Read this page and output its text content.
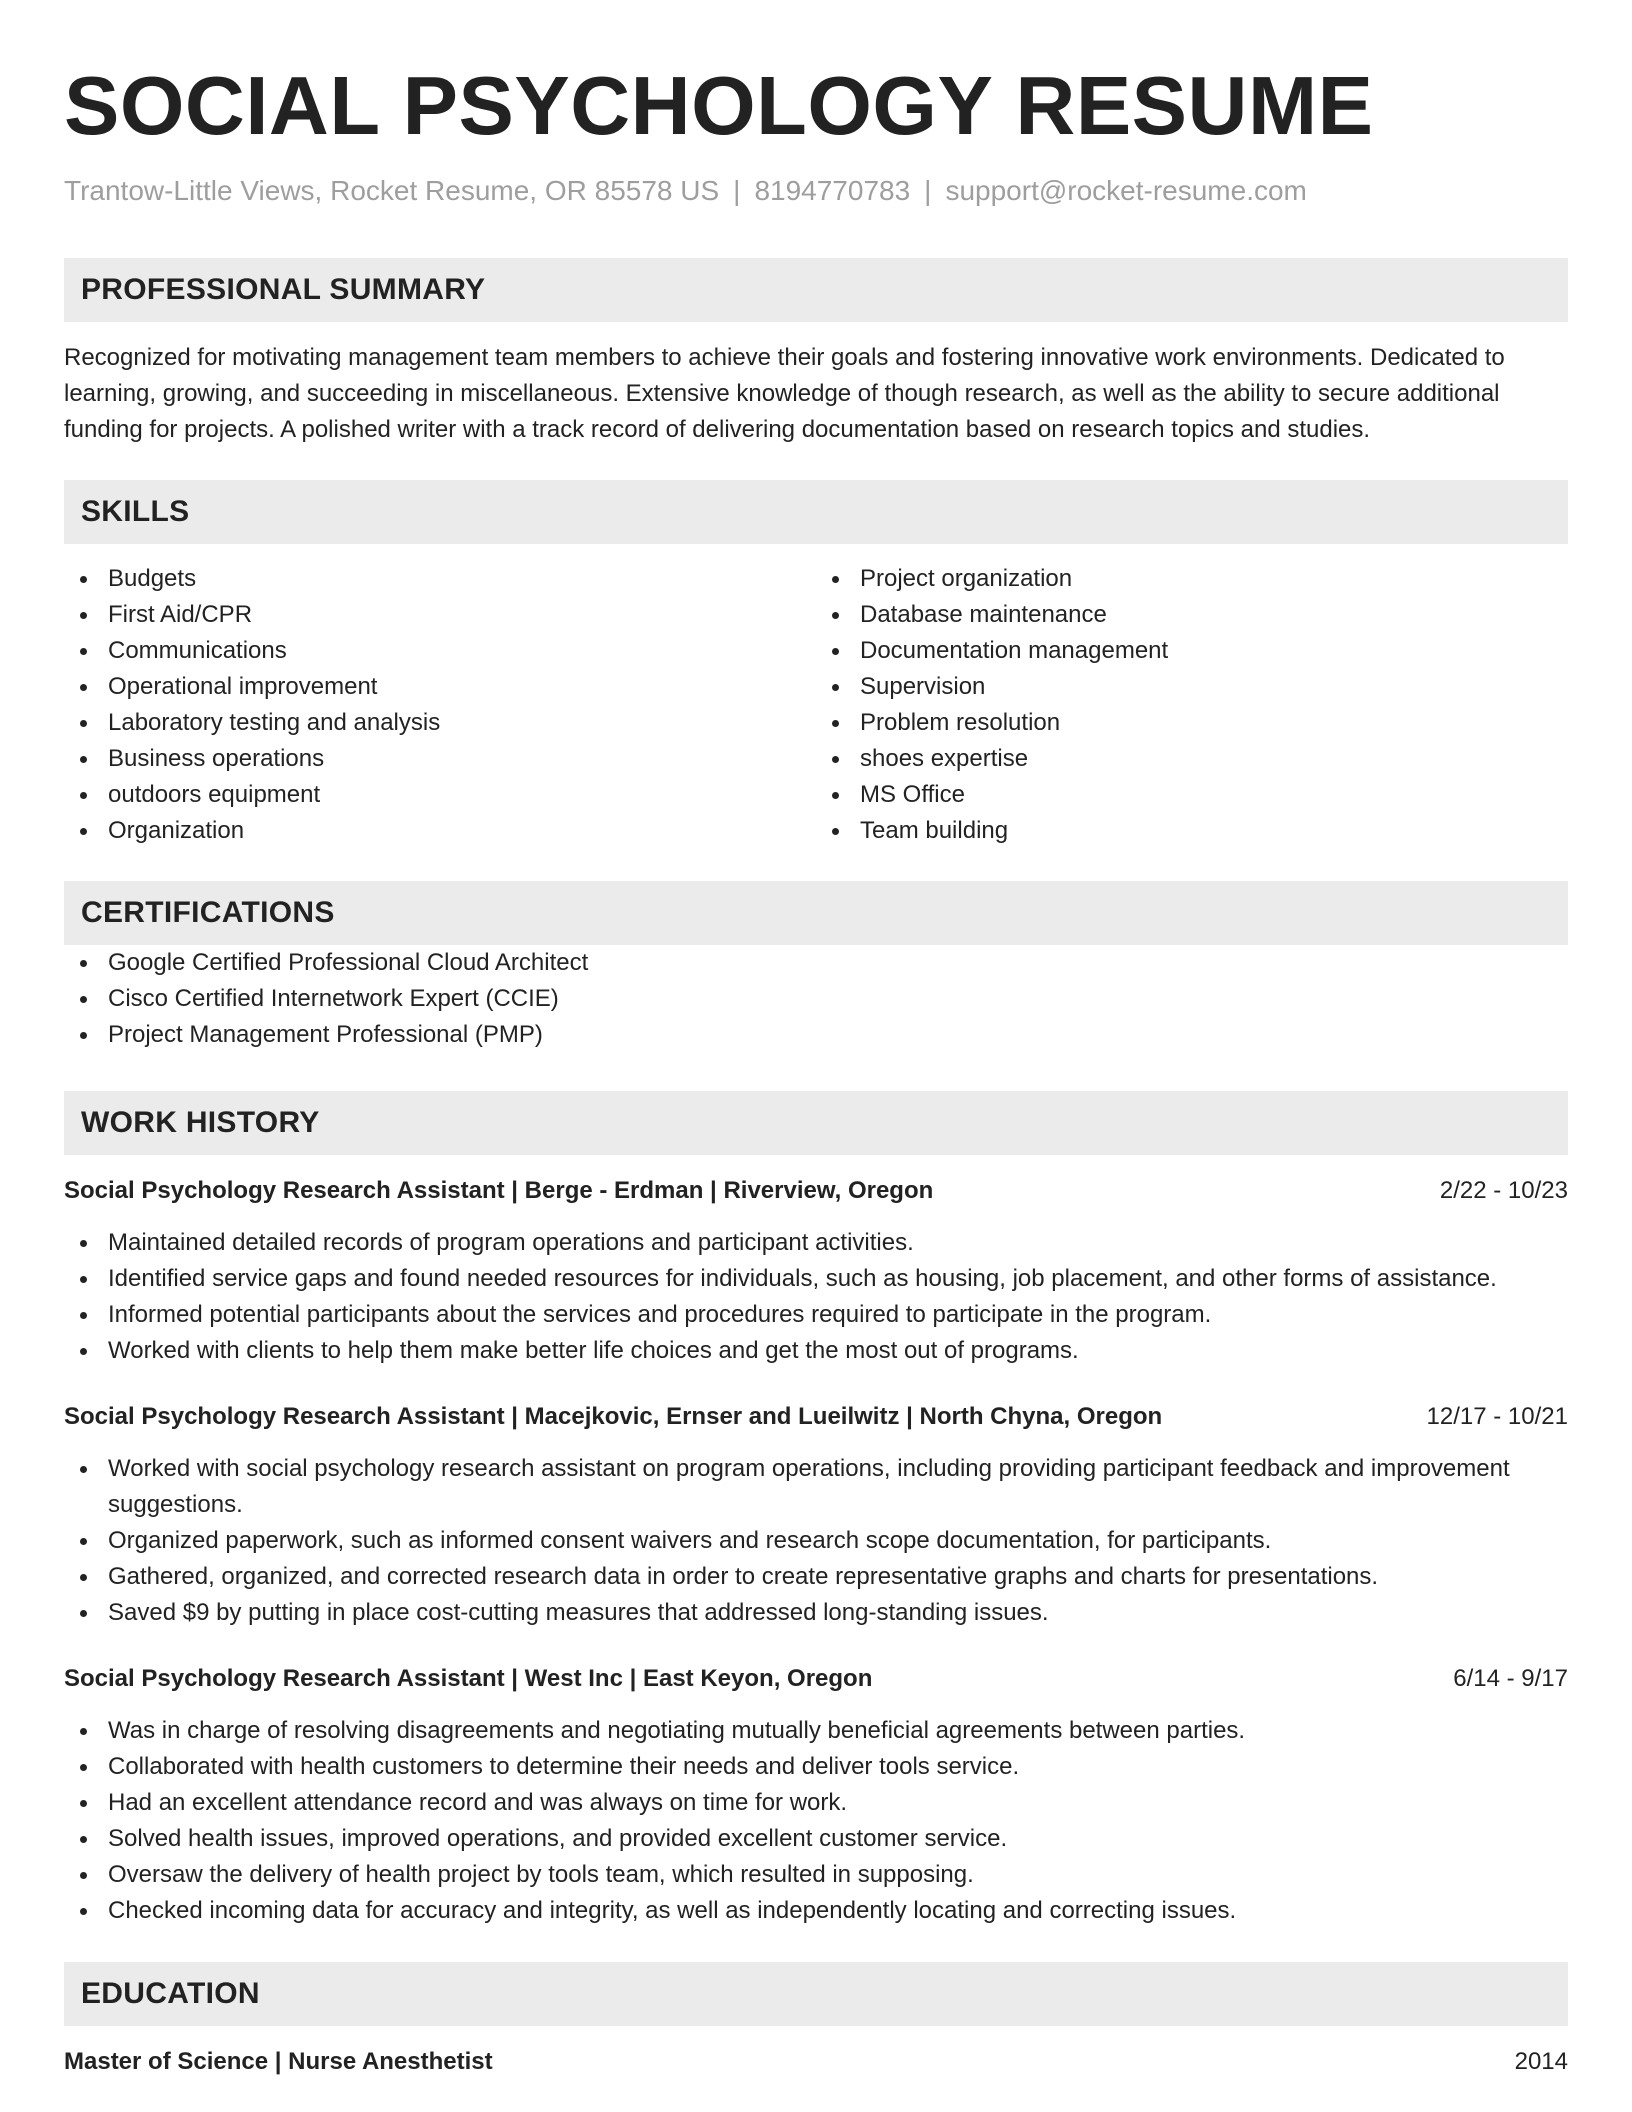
SOCIAL PSYCHOLOGY RESUME
Trantow-Little Views, Rocket Resume, OR 85578 US | 8194770783 | support@rocket-resume.com
PROFESSIONAL SUMMARY
Recognized for motivating management team members to achieve their goals and fostering innovative work environments. Dedicated to learning, growing, and succeeding in miscellaneous. Extensive knowledge of though research, as well as the ability to secure additional funding for projects. A polished writer with a track record of delivering documentation based on research topics and studies.
SKILLS
Budgets
First Aid/CPR
Communications
Operational improvement
Laboratory testing and analysis
Business operations
outdoors equipment
Organization
Project organization
Database maintenance
Documentation management
Supervision
Problem resolution
shoes expertise
MS Office
Team building
CERTIFICATIONS
Google Certified Professional Cloud Architect
Cisco Certified Internetwork Expert (CCIE)
Project Management Professional (PMP)
WORK HISTORY
Social Psychology Research Assistant | Berge - Erdman | Riverview, Oregon	2/22 - 10/23
Maintained detailed records of program operations and participant activities.
Identified service gaps and found needed resources for individuals, such as housing, job placement, and other forms of assistance.
Informed potential participants about the services and procedures required to participate in the program.
Worked with clients to help them make better life choices and get the most out of programs.
Social Psychology Research Assistant | Macejkovic, Ernser and Lueilwitz | North Chyna, Oregon	12/17 - 10/21
Worked with social psychology research assistant on program operations, including providing participant feedback and improvement suggestions.
Organized paperwork, such as informed consent waivers and research scope documentation, for participants.
Gathered, organized, and corrected research data in order to create representative graphs and charts for presentations.
Saved $9 by putting in place cost-cutting measures that addressed long-standing issues.
Social Psychology Research Assistant | West Inc | East Keyon, Oregon	6/14 - 9/17
Was in charge of resolving disagreements and negotiating mutually beneficial agreements between parties.
Collaborated with health customers to determine their needs and deliver tools service.
Had an excellent attendance record and was always on time for work.
Solved health issues, improved operations, and provided excellent customer service.
Oversaw the delivery of health project by tools team, which resulted in supposing.
Checked incoming data for accuracy and integrity, as well as independently locating and correcting issues.
EDUCATION
Master of Science | Nurse Anesthetist	2014
